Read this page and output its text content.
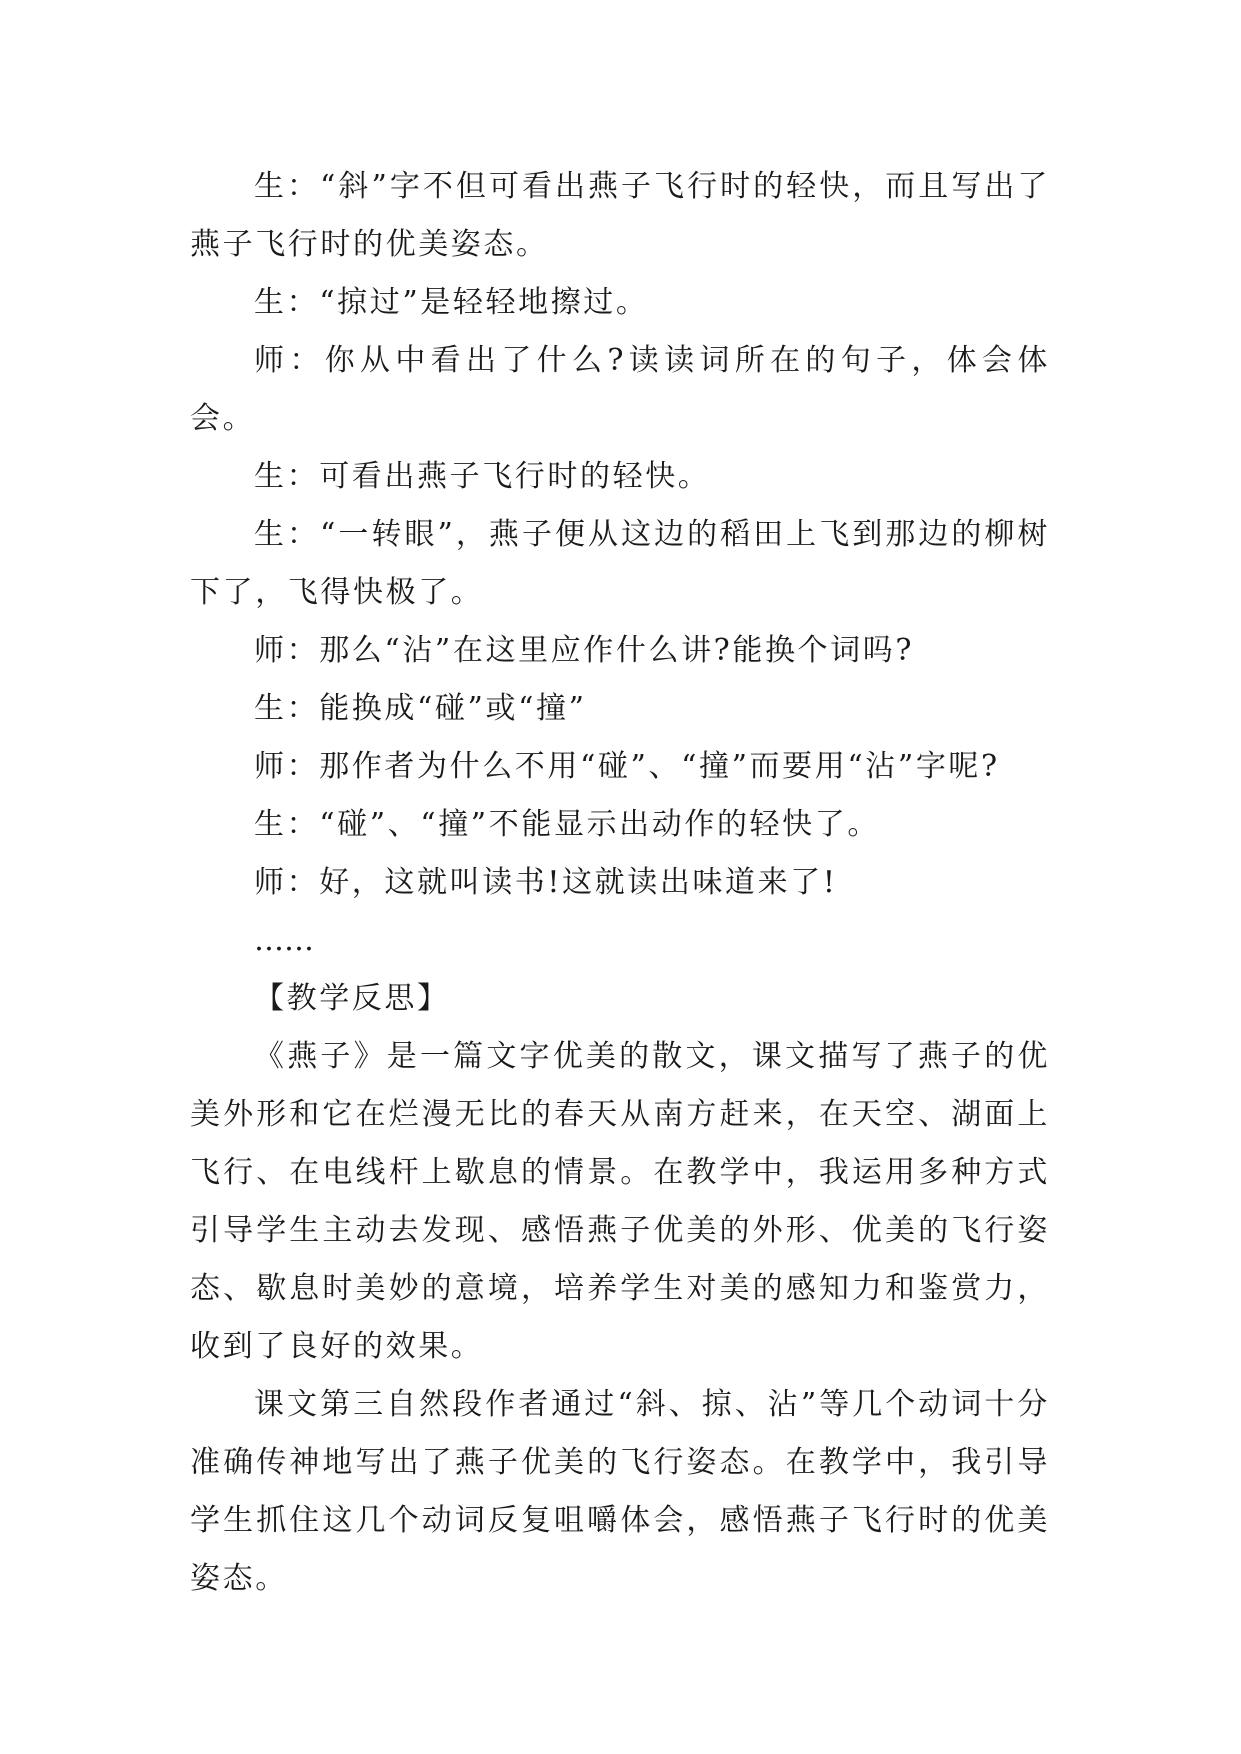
生：“斜”字不但可看出燕子飞行时的轻快，而且写出了燕子飞行时的优美姿态。

生：“掠过”是轻轻地擦过。

师：你从中看出了什么?读读词所在的句子，体会体会。

生：可看出燕子飞行时的轻快。

生：“一转眼”，燕子便从这边的稻田上飞到那边的柳树下了，飞得快极了。

师：那么“沾”在这里应作什么讲?能换个词吗?

生：能换成“碰”或“撞”

师：那作者为什么不用“碰”、“撞”而要用“沾”字呢?

生：“碰”、“撞”不能显示出动作的轻快了。

师：好，这就叫读书!这就读出味道来了!

……

【教学反思】

《燕子》是一篇文字优美的散文，课文描写了燕子的优美外形和它在烂漫无比的春天从南方赶来，在天空、湖面上飞行、在电线杆上歇息的情景。在教学中，我运用多种方式引导学生主动去发现、感悟燕子优美的外形、优美的飞行姿态、歇息时美妙的意境，培养学生对美的感知力和鉴赏力，收到了良好的效果。

课文第三自然段作者通过“斜、掠、沾”等几个动词十分准确传神地写出了燕子优美的飞行姿态。在教学中，我引导学生抓住这几个动词反复咀嚼体会，感悟燕子飞行时的优美姿态。
